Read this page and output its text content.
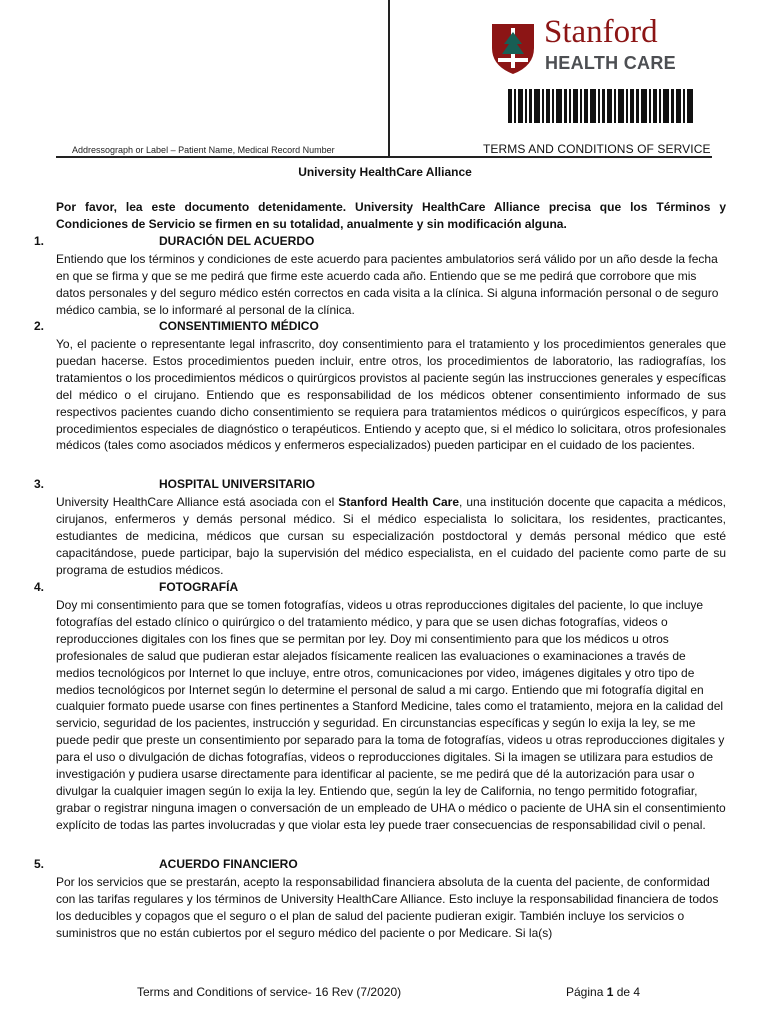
Stanford
HEALTH CARE
Addressograph or Label – Patient Name, Medical Record Number	TERMS AND CONDITIONS OF SERVICE
University HealthCare Alliance
Por favor, lea este documento detenidamente. University HealthCare Alliance precisa que los Términos y Condiciones de Servicio se firmen en su totalidad, anualmente y sin modificación alguna.
1.	DURACIÓN DEL ACUERDO
Entiendo que los términos y condiciones de este acuerdo para pacientes ambulatorios será válido por un año desde la fecha en que se firma y que se me pedirá que firme este acuerdo cada año. Entiendo que se me pedirá que corrobore que mis datos personales y del seguro médico estén correctos en cada visita a la clínica. Si alguna información personal o de seguro médico cambia, se lo informaré al personal de la clínica.
2.	CONSENTIMIENTO MÉDICO
Yo, el paciente o representante legal infrascrito, doy consentimiento para el tratamiento y los procedimientos generales que puedan hacerse. Estos procedimientos pueden incluir, entre otros, los procedimientos de laboratorio, las radiografías, los tratamientos o los procedimientos médicos o quirúrgicos provistos al paciente según las instrucciones generales y específicas del médico o el cirujano. Entiendo que es responsabilidad de los médicos obtener consentimiento informado de sus respectivos pacientes cuando dicho consentimiento se requiera para tratamientos médicos o quirúrgicos específicos, y para procedimientos especiales de diagnóstico o terapéuticos. Entiendo y acepto que, si el médico lo solicitara, otros profesionales médicos (tales como asociados médicos y enfermeros especializados) pueden participar en el cuidado de los pacientes.
3.	HOSPITAL UNIVERSITARIO
University HealthCare Alliance está asociada con el Stanford Health Care, una institución docente que capacita a médicos, cirujanos, enfermeros y demás personal médico. Si el médico especialista lo solicitara, los residentes, practicantes, estudiantes de medicina, médicos que cursan su especialización postdoctoral y demás personal médico que esté capacitándose, puede participar, bajo la supervisión del médico especialista, en el cuidado del paciente como parte de su programa de estudios médicos.
4.	FOTOGRAFÍA
Doy mi consentimiento para que se tomen fotografías, videos u otras reproducciones digitales del paciente, lo que incluye fotografías del estado clínico o quirúrgico o del tratamiento médico, y para que se usen dichas fotografías, videos o reproducciones digitales con los fines que se permitan por ley. Doy mi consentimiento para que los médicos u otros profesionales de salud que pudieran estar alejados físicamente realicen las evaluaciones o examinaciones a través de medios tecnológicos por Internet lo que incluye, entre otros, comunicaciones por video, imágenes digitales y otro tipo de medios tecnológicos por Internet según lo determine el personal de salud a mi cargo. Entiendo que mi fotografía digital en cualquier formato puede usarse con fines pertinentes a Stanford Medicine, tales como el tratamiento, mejora en la calidad del servicio, seguridad de los pacientes, instrucción y seguridad. En circunstancias específicas y según lo exija la ley, se me puede pedir que preste un consentimiento por separado para la toma de fotografías, videos u otras reproducciones digitales y para el uso o divulgación de dichas fotografías, videos o reproducciones digitales. Si la imagen se utilizara para estudios de investigación y pudiera usarse directamente para identificar al paciente, se me pedirá que dé la autorización para usar o divulgar la cualquier imagen según lo exija la ley. Entiendo que, según la ley de California, no tengo permitido fotografiar, grabar o registrar ninguna imagen o conversación de un empleado de UHA o médico o paciente de UHA sin el consentimiento explícito de todas las partes involucradas y que violar esta ley puede traer consecuencias de responsabilidad civil o penal.
5.	ACUERDO FINANCIERO
Por los servicios que se prestarán, acepto la responsabilidad financiera absoluta de la cuenta del paciente, de conformidad con las tarifas regulares y los términos de University HealthCare Alliance. Esto incluye la responsabilidad financiera de todos los deducibles y copagos que el seguro o el plan de salud del paciente pudieran exigir. También incluye los servicios o suministros que no están cubiertos por el seguro médico del paciente o por Medicare. Si la(s)
Terms and Conditions of service- 16 Rev (7/2020)	Página 1 de 4
